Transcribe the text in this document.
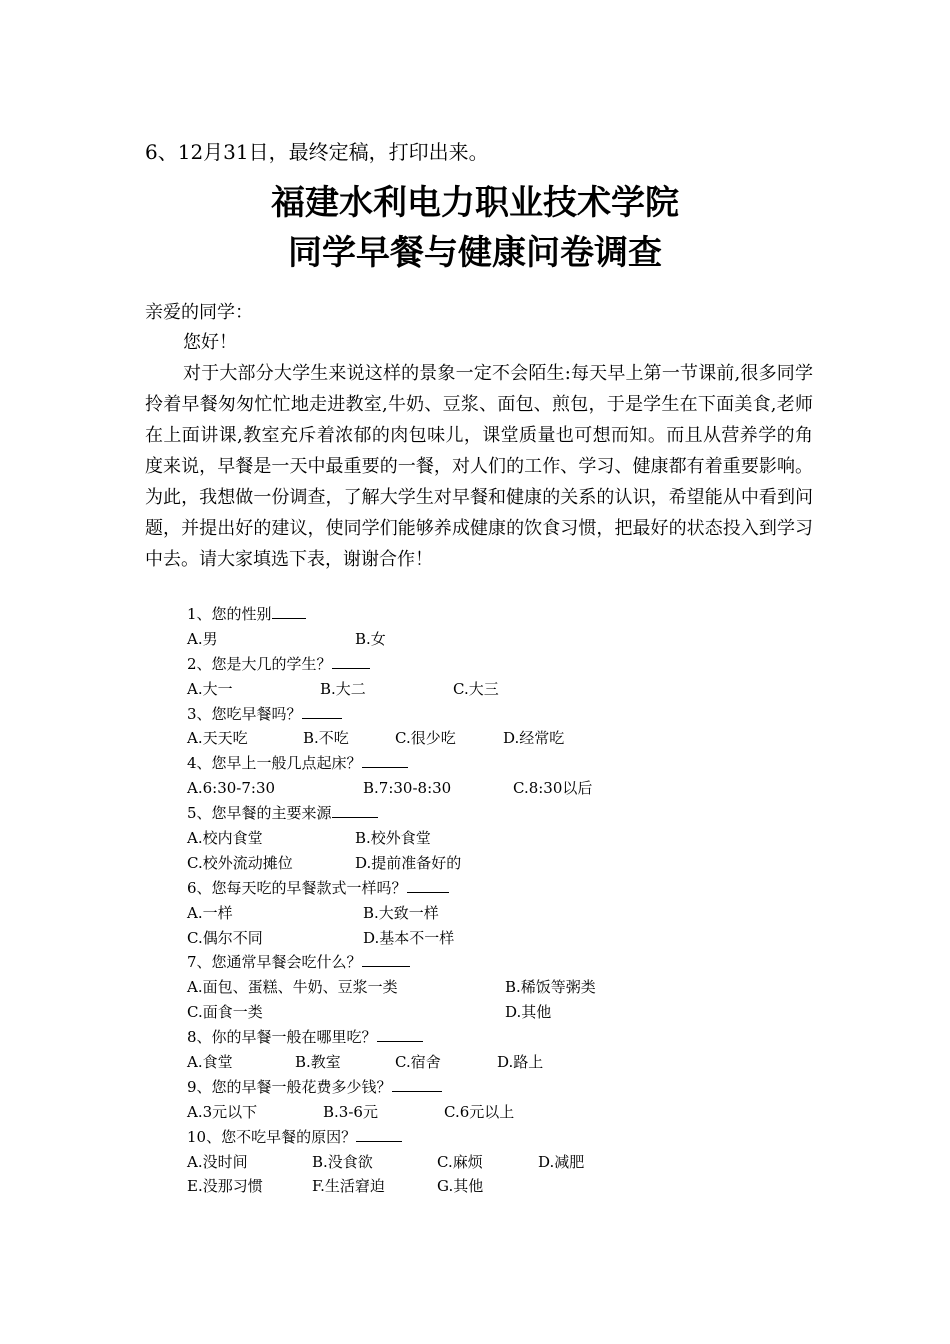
6、12月31日，最终定稿，打印出来。
福建水利电力职业技术学院
同学早餐与健康问卷调查
亲爱的同学：
您好！
对于大部分大学生来说这样的景象一定不会陌生:每天早上第一节课前,很多同学拎着早餐匆匆忙忙地走进教室,牛奶、豆浆、面包、煎包，于是学生在下面美食,老师在上面讲课,教室充斥着浓郁的肉包味儿，课堂质量也可想而知。而且从营养学的角度来说，早餐是一天中最重要的一餐，对人们的工作、学习、健康都有着重要影响。为此，我想做一份调查，了解大学生对早餐和健康的关系的认识，希望能从中看到问题，并提出好的建议，使同学们能够养成健康的饮食习惯，把最好的状态投入到学习中去。请大家填选下表，谢谢合作！
1、您的性别
A.男	B.女
2、您是大几的学生？
A.大一	B.大二	C.大三
3、您吃早餐吗？
A.天天吃	B.不吃	C.很少吃	D.经常吃
4、您早上一般几点起床？
A.6:30-7:30	B.7:30-8:30	C.8:30以后
5、您早餐的主要来源
A.校内食堂	B.校外食堂
C.校外流动摊位	D.提前准备好的
6、您每天吃的早餐款式一样吗？
A.一样	B.大致一样
C.偶尔不同	D.基本不一样
7、您通常早餐会吃什么？
A.面包、蛋糕、牛奶、豆浆一类	B.稀饭等粥类
C.面食一类	D.其他
8、你的早餐一般在哪里吃？
A.食堂	B.教室	C.宿舍	D.路上
9、您的早餐一般花费多少钱？
A.3元以下	B.3-6元	C.6元以上
10、您不吃早餐的原因？
A.没时间	B.没食欲	C.麻烦	D.减肥
E.没那习惯	F.生活窘迫	G.其他
